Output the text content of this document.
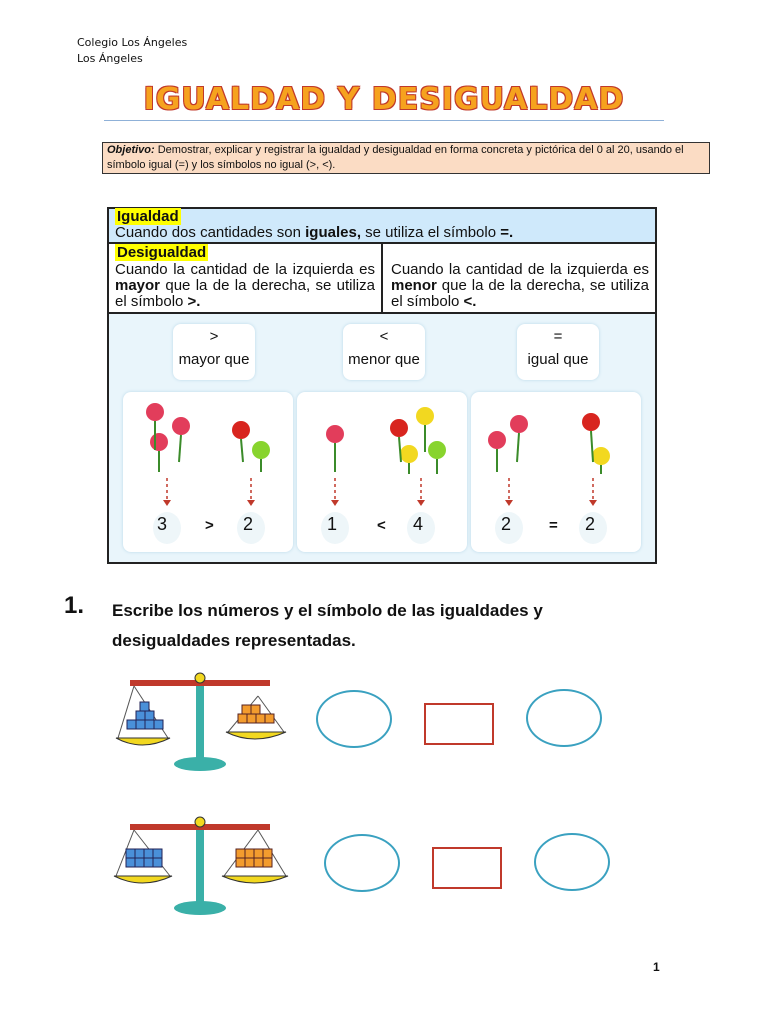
Colegio Los Ángeles
Los Ángeles
IGUALDAD Y DESIGUALDAD
Objetivo: Demostrar, explicar y registrar la igualdad y desigualdad en forma concreta y pictórica del 0 al 20, usando el símbolo igual (=) y los símbolos no igual (>, <).
Igualdad
Cuando dos cantidades son iguales, se utiliza el símbolo =.
Desigualdad
Cuando la cantidad de la izquierda es mayor que la de la derecha, se utiliza el símbolo >.
Cuando la cantidad de la izquierda es menor que la de la derecha, se utiliza el símbolo <.
>
mayor que
<
menor que
=
igual que
3	> 2	1	< 4	2	= 2
1. Escribe los números y el símbolo de las igualdades y desigualdades representadas.
1
